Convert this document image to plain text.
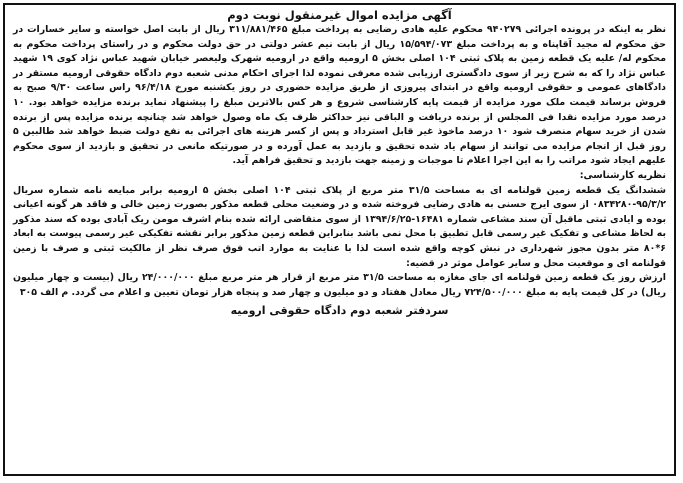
آگهی مزایده اموال غیرمنقول نوبت دوم

نظر به اینکه در پرونده اجرائی ۹۴۰۲۷۹ محکوم علیه هادی رضایی به پرداخت مبلغ ۳۱۱/۸۸۱/۴۶۵ ریال از بابت اصل خواسته و سایر خسارات در حق محکوم له مجید آقاپناه و به پرداخت مبلغ ۱۵/۵۹۴/۰۷۳ ریال از بابت نیم عشر دولتی در حق دولت محکوم و در راستای پرداخت محکوم به محکوم له/ علیه یک قطعه زمین به پلاک ثبتی ۱۰۴ اصلی بخش ۵ ارومیه واقع در ارومیه شهرک ولیعصر خیابان شهید عباس نژاد کوی ۱۹ شهید عباس نژاد را که به شرح زیر از سوی دادگستری ارزیابی شده معرفی نموده لذا اجرای احکام مدنی شعبه دوم دادگاه حقوقی ارومیه مستقر در دادگاهای عمومی و حقوقی ارومیه واقع در ابتدای پیروزی از طریق مزایده حضوری در روز یکشنبه مورخ ۹۶/۴/۱۸ راس ساعت ۹/۳۰ صبح به فروش برساند قیمت ملک مورد مزایده از قیمت پایه کارشناسی شروع و هر کس بالاترین مبلغ را پیشنهاد نماید برنده مزایده خواهد بود. ۱۰ درصد مورد مزایده نقدا فی المجلس از برنده دریافت و الباقی نیز حداکثر ظرف یک ماه وصول خواهد شد چنانچه برنده مزایده پس از برنده شدن از خرید سهام منصرف شود ۱۰ درصد ماخوذ غیر قابل استرداد و پس از کسر هزینه های اجرائی به نفع دولت ضبط خواهد شد طالبین ۵ روز قبل از انجام مزایده می توانند از سهام یاد شده تحقیق و بازدید به عمل آورده و در صورتیکه مانعی در تحقیق و بازدید از سوی محکوم علیهم ایجاد شود مراتب را به این اجرا اعلام تا موجبات و زمینه جهت بازدید و تحقیق فراهم آید.

نظریه کارشناسی:

ششدانگ یک قطعه زمین قولنامه ای به مساحت ۳۱/۵ متر مربع از پلاک ثبتی ۱۰۴ اصلی بخش ۵ ارومیه برابر مبایعه نامه شماره سریال ۹۵/۳/۲-۰۸۳۴۲۸۰ از سوی ایرج حسنی به هادی رضایی فروخته شده و در وضعیت محلی قطعه مذکور بصورت زمین خالی و فاقد هر گونه اعیانی بوده و ایادی ثبتی ماقبل آن سند مشاعی شماره ۱۶۴۸۱-۱۳۹۴/۶/۲۵ از سوی متقاضی ارائه شده بنام اشرف مومن ریک آبادی بوده که سند مذکور به لحاظ مشاعی و تفکیک غیر رسمی قابل تطبیق با محل نمی باشد بنابراین قطعه زمین مذکور برابر نقشه تفکیکی غیر رسمی پیوست به ابعاد ۶*۸۰ متر بدون مجوز شهرداری در نبش کوچه واقع شده است لذا با عنایت به موارد اتب فوق صرف نظر از مالکیت ثبتی و صرف با زمین قولنامه ای و موقعیت محل و سایر عوامل موثر در قضیه:

ارزش روز یک قطعه زمین قولنامه ای جای مغازه به مساحت ۳۱/۵ متر مربع از قرار هر متر مربع مبلغ ۲۴/۰۰۰/۰۰۰ ریال (بیست و چهار میلیون ریال) در کل قیمت پایه به مبلغ ۷۲۴/۵۰۰/۰۰۰ ریال معادل هفتاد و دو میلیون و چهار صد و پنجاه هزار تومان تعیین و اعلام می گردد. م الف ۳۰۵

سردفتر شعبه دوم دادگاه حقوقی ارومیه
